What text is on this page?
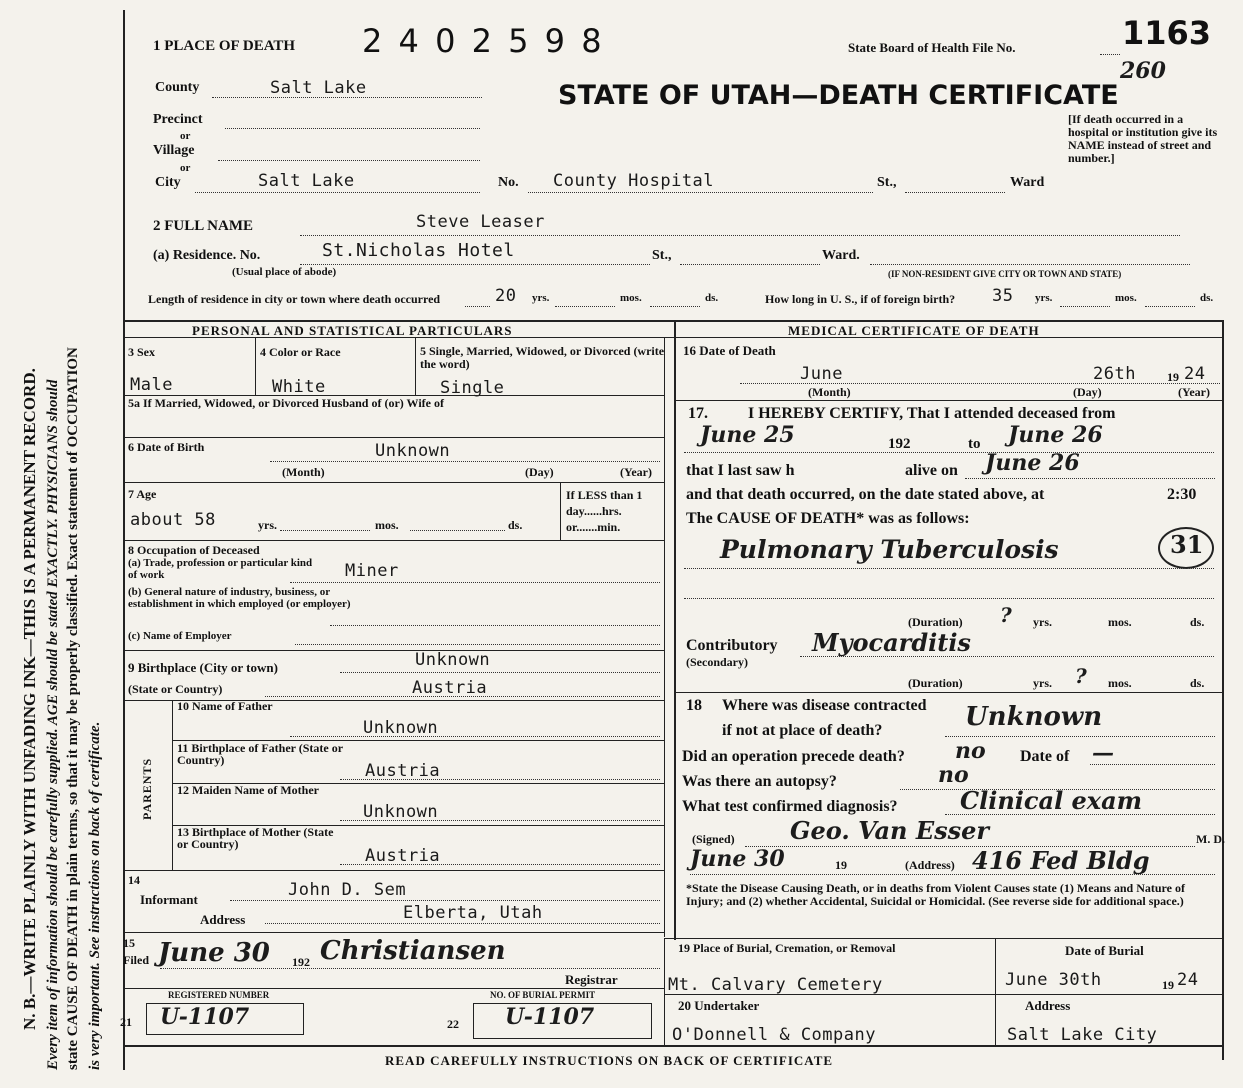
N. B.—WRITE PLAINLY WITH UNFADING INK—THIS IS A PERMANENT RECORD. Every item of information should be carefully supplied. AGE should be stated EXACTLY. PHYSICIANS should state CAUSE OF DEATH in plain terms, so that it may be properly classified. Exact statement of OCCUPATION is very important. See instructions on back of certificate.
1 PLACE OF DEATH 2 4 0 2 5 9 8	State Board of Health File No.	1163
260
STATE OF UTAH—DEATH CERTIFICATE
County	Salt Lake
Precinct
or
Village
or
City	Salt Lake	No. County Hospital	St.,	Ward
[If death occurred in a hospital or institution give its NAME instead of street and number.]
2 FULL NAME	Steve Leaser
(a) Residence. No.	St.Nicholas Hotel	St.,	Ward.
(Usual place of abode)	(IF NON-RESIDENT GIVE CITY OR TOWN AND STATE)
Length of residence in city or town where death occurred	20 yrs.	mos.	ds.	How long in U. S., if of foreign birth? 35 yrs.	mos.	ds.
PERSONAL AND STATISTICAL PARTICULARS	MEDICAL CERTIFICATE OF DEATH
3 Sex	4 Color or Race	5 Single, Married, Widowed, or Divorced (write the word)
Male	White	Single
5a If Married, Widowed, or Divorced Husband of (or) Wife of
6 Date of Birth	Unknown
(Month)	(Day)	(Year)
7 Age
about 58	yrs.	mos.	ds.
If LESS than 1 day......hrs. or.......min.
8 Occupation of Deceased
(a) Trade, profession or particular kind of work	Miner
(b) General nature of industry, business, or establishment in which employed (or employer)
(c) Name of Employer
9 Birthplace (City or town)	Unknown
(State or Country)	Austria
PARENTS
10 Name of Father
Unknown
11 Birthplace of Father (State or Country)
Austria
12 Maiden Name of Mother
Unknown
13 Birthplace of Mother (State or Country)
Austria
14
Informant	John D. Sem
Address	Elberta, Utah
15
Filed June 30 192 Christiansen
Registrar
REGISTERED NUMBER
21 U-1107
NO. OF BURIAL PERMIT
22 U-1107
16 Date of Death
June	26th	19 24
(Month)	(Day)	(Year)
17.	I HEREBY CERTIFY, That I attended deceased from
June 25	192	to June 26
that I last saw h	alive on June 26
and that death occurred, on the date stated above, at	2:30
The CAUSE OF DEATH* was as follows:
Pulmonary Tuberculosis	31
(Duration) ? yrs.	mos.	ds.
Contributory
(Secondary)
Myocarditis
(Duration)	?
yrs.	mos.	ds.
18 Where was disease contracted
if not at place of death?	Unknown
Did an operation precede death? no Date of —
Was there an autopsy?	no
What test confirmed diagnosis?	Clinical exam
(Signed) Geo. Van Esser	M. D.
June 30	19	(Address) 416 Fed Bldg
*State the Disease Causing Death, or in deaths from Violent Causes state (1) Means and Nature of Injury; and (2) whether Accidental, Suicidal or Homicidal. (See reverse side for additional space.)
19 Place of Burial, Cremation, or Removal
Mt. Calvary Cemetery
Date of Burial
June 30th	19 24
20 Undertaker
O'Donnell & Company
Address
Salt Lake City
READ CAREFULLY INSTRUCTIONS ON BACK OF CERTIFICATE
